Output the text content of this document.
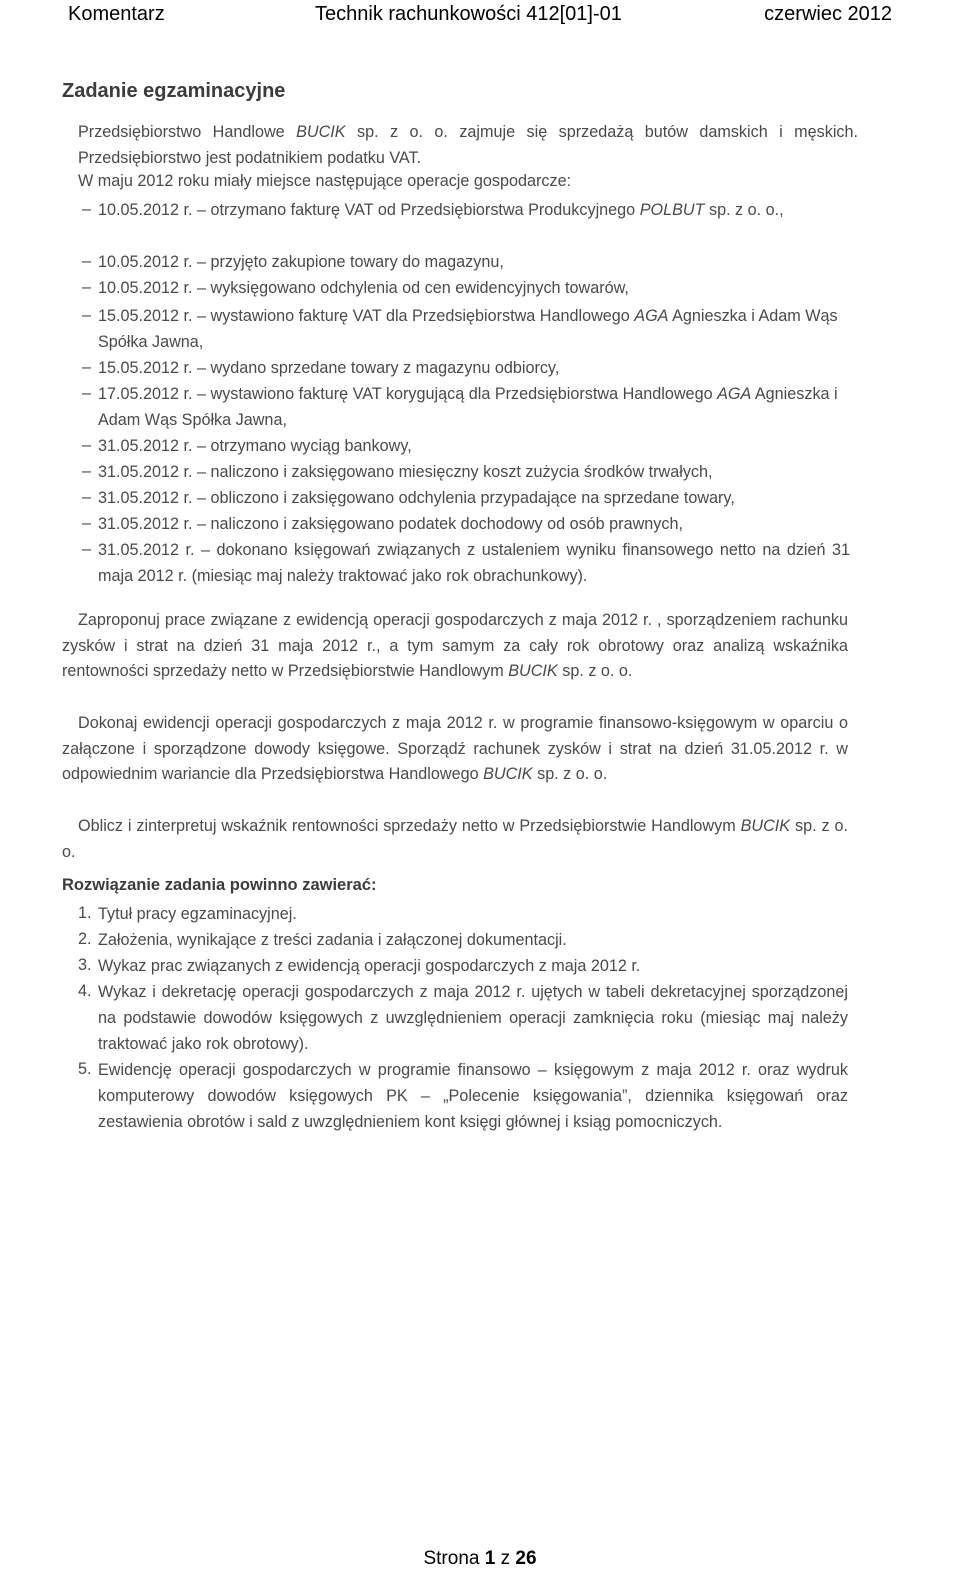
Komentarz	Technik rachunkowości 412[01]-01	czerwiec 2012
Zadanie egzaminacyjne
Przedsiębiorstwo Handlowe BUCIK sp. z o. o. zajmuje się sprzedażą butów damskich i męskich. Przedsiębiorstwo jest podatnikiem podatku VAT.
W maju 2012 roku miały miejsce następujące operacje gospodarcze:
– 10.05.2012 r. – otrzymano fakturę VAT od Przedsiębiorstwa Produkcyjnego POLBUT sp. z o. o.,
– 10.05.2012 r. – przyjęto zakupione towary do magazynu,
– 10.05.2012 r. – wyksięgowano odchylenia od cen ewidencyjnych towarów,
– 15.05.2012 r. – wystawiono fakturę VAT dla Przedsiębiorstwa Handlowego AGA Agnieszka i Adam Wąs Spółka Jawna,
– 15.05.2012 r. – wydano sprzedane towary z magazynu odbiorcy,
– 17.05.2012 r. – wystawiono fakturę VAT korygującą dla Przedsiębiorstwa Handlowego AGA Agnieszka i Adam Wąs Spółka Jawna,
– 31.05.2012 r. – otrzymano wyciąg bankowy,
– 31.05.2012 r. – naliczono i zaksięgowano miesięczny koszt zużycia środków trwałych,
– 31.05.2012 r. – obliczono i zaksięgowano odchylenia przypadające na sprzedane towary,
– 31.05.2012 r. – naliczono i zaksięgowano podatek dochodowy od osób prawnych,
– 31.05.2012 r. – dokonano księgowań związanych z ustaleniem wyniku finansowego netto na dzień 31 maja 2012 r. (miesiąc maj należy traktować jako rok obrachunkowy).
Zaproponuj prace związane z ewidencją operacji gospodarczych z maja 2012 r. , sporządzeniem rachunku zysków i strat na dzień 31 maja 2012 r., a tym samym za cały rok obrotowy oraz analizą wskaźnika rentowności sprzedaży netto w Przedsiębiorstwie Handlowym BUCIK sp. z o. o.
Dokonaj ewidencji operacji gospodarczych z maja 2012 r. w programie finansowo-księgowym w oparciu o załączone i sporządzone dowody księgowe. Sporządź rachunek zysków i strat na dzień 31.05.2012 r. w odpowiednim wariancie dla Przedsiębiorstwa Handlowego BUCIK sp. z o. o.
Oblicz i zinterpretuj wskaźnik rentowności sprzedaży netto w Przedsiębiorstwie Handlowym BUCIK sp. z o. o.
Rozwiązanie zadania powinno zawierać:
1. Tytuł pracy egzaminacyjnej.
2. Założenia, wynikające z treści zadania i załączonej dokumentacji.
3. Wykaz prac związanych z ewidencją operacji gospodarczych z maja 2012 r.
4. Wykaz i dekretację operacji gospodarczych z maja 2012 r. ujętych w tabeli dekretacyjnej sporządzonej na podstawie dowodów księgowych z uwzględnieniem operacji zamknięcia roku (miesiąc maj należy traktować jako rok obrotowy).
5. Ewidencję operacji gospodarczych w programie finansowo – księgowym z maja 2012 r. oraz wydruk komputerowy dowodów księgowych PK – „Polecenie księgowania”, dziennika księgowań oraz zestawienia obrotów i sald z uwzględnieniem kont księgi głównej i ksiąg pomocniczych.
Strona 1 z 26
